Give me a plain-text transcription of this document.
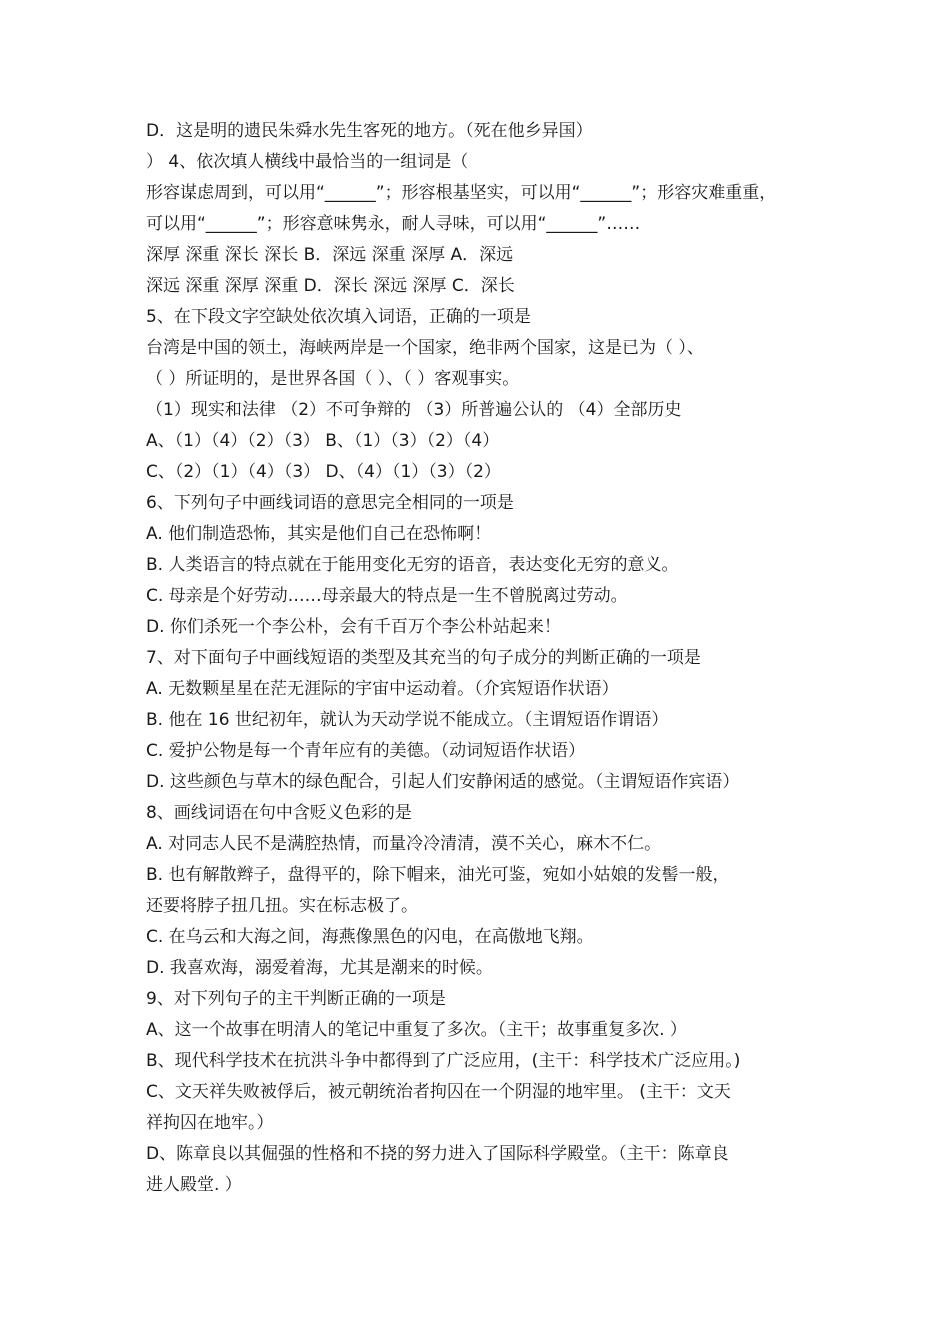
D．这是明的遗民朱舜水先生客死的地方。（死在他乡异国）
） 4、依次填人横线中最恰当的一组词是（
形容谋虑周到，可以用“______”；形容根基坚实，可以用“______”；形容灾难重重，
可以用“______”；形容意味隽永，耐人寻味，可以用“______”……
深厚 深重 深长 深长 B．深远 深重 深厚 A．深远
深远 深重 深厚 深重 D．深长 深远 深厚 C．深长
5、在下段文字空缺处依次填入词语，正确的一项是
台湾是中国的领土，海峡两岸是一个国家，绝非两个国家，这是已为（ ）、
（ ）所证明的，是世界各国（ ）、（ ）客观事实。
（1）现实和法律 （2）不可争辩的 （3）所普遍公认的 （4）全部历史
A、（1）（4）（2）（3） B、（1）（3）（2）（4）
C、（2）（1）（4）（3） D、（4）（1）（3）（2）
6、下列句子中画线词语的意思完全相同的一项是
A. 他们制造恐怖，其实是他们自己在恐怖啊！
B. 人类语言的特点就在于能用变化无穷的语音，表达变化无穷的意义。
C. 母亲是个好劳动……母亲最大的特点是一生不曾脱离过劳动。
D. 你们杀死一个李公朴，会有千百万个李公朴站起来！
7、对下面句子中画线短语的类型及其充当的句子成分的判断正确的一项是
A. 无数颗星星在茫无涯际的宇宙中运动着。（介宾短语作状语）
B. 他在 16 世纪初年，就认为天动学说不能成立。（主谓短语作谓语）
C. 爱护公物是每一个青年应有的美德。（动词短语作状语）
D. 这些颜色与草木的绿色配合，引起人们安静闲适的感觉。（主谓短语作宾语）
8、画线词语在句中含贬义色彩的是
A. 对同志人民不是满腔热情，而量冷冷清清，漠不关心，麻木不仁。
B. 也有解散辫子，盘得平的，除下帽来，油光可鉴，宛如小姑娘的发髻一般，
还要将脖子扭几扭。实在标志极了。
C. 在乌云和大海之间，海燕像黑色的闪电，在高傲地飞翔。
D. 我喜欢海，溺爱着海，尤其是潮来的时候。
9、对下列句子的主干判断正确的一项是
A、这一个故事在明清人的笔记中重复了多次。（主干；故事重复多次. ）
B、现代科学技术在抗洪斗争中都得到了广泛应用，(主干：科学技术广泛应用。)
C、文天祥失败被俘后，被元朝统治者拘囚在一个阴湿的地牢里。 (主干：文天
祥拘囚在地牢。）
D、陈章良以其倔强的性格和不挠的努力进入了国际科学殿堂。（主干：陈章良
进人殿堂. ）
